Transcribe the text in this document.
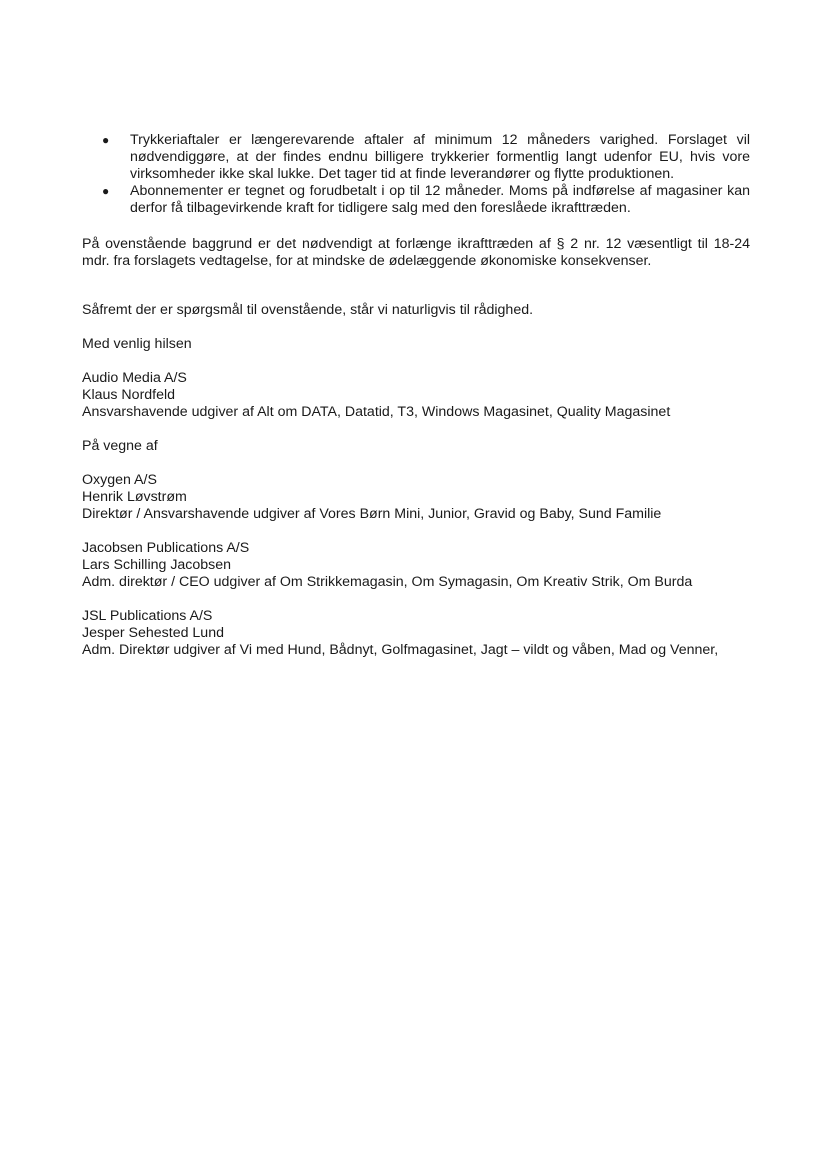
● Trykkeriaftaler er længerevarende aftaler af minimum 12 måneders varighed. Forslaget vil nødvendiggøre, at der findes endnu billigere trykkerier formentlig langt udenfor EU, hvis vore virksomheder ikke skal lukke. Det tager tid at finde leverandører og flytte produktionen.
● Abonnementer er tegnet og forudbetalt i op til 12 måneder. Moms på indførelse af magasiner kan derfor få tilbagevirkende kraft for tidligere salg med den foreslåede ikrafttræden.

På ovenstående baggrund er det nødvendigt at forlænge ikrafttræden af § 2 nr. 12 væsentligt til 18-24 mdr. fra forslagets vedtagelse, for at mindske de ødelæggende økonomiske konsekvenser.

Såfremt der er spørgsmål til ovenstående, står vi naturligvis til rådighed.

Med venlig hilsen

Audio Media A/S
Klaus Nordfeld
Ansvarshavende udgiver af Alt om DATA, Datatid, T3, Windows Magasinet, Quality Magasinet

På vegne af

Oxygen A/S
Henrik Løvstrøm
Direktør / Ansvarshavende udgiver af Vores Børn Mini, Junior, Gravid og Baby, Sund Familie
Jacobsen Publications A/S
Lars Schilling Jacobsen
Adm. direktør / CEO udgiver af Om Strikkemagasin, Om Symagasin, Om Kreativ Strik, Om Burda
JSL Publications A/S
Jesper Sehested Lund
Adm. Direktør udgiver af Vi med Hund, Bådnyt, Golfmagasinet, Jagt – vildt og våben, Mad og Venner,
